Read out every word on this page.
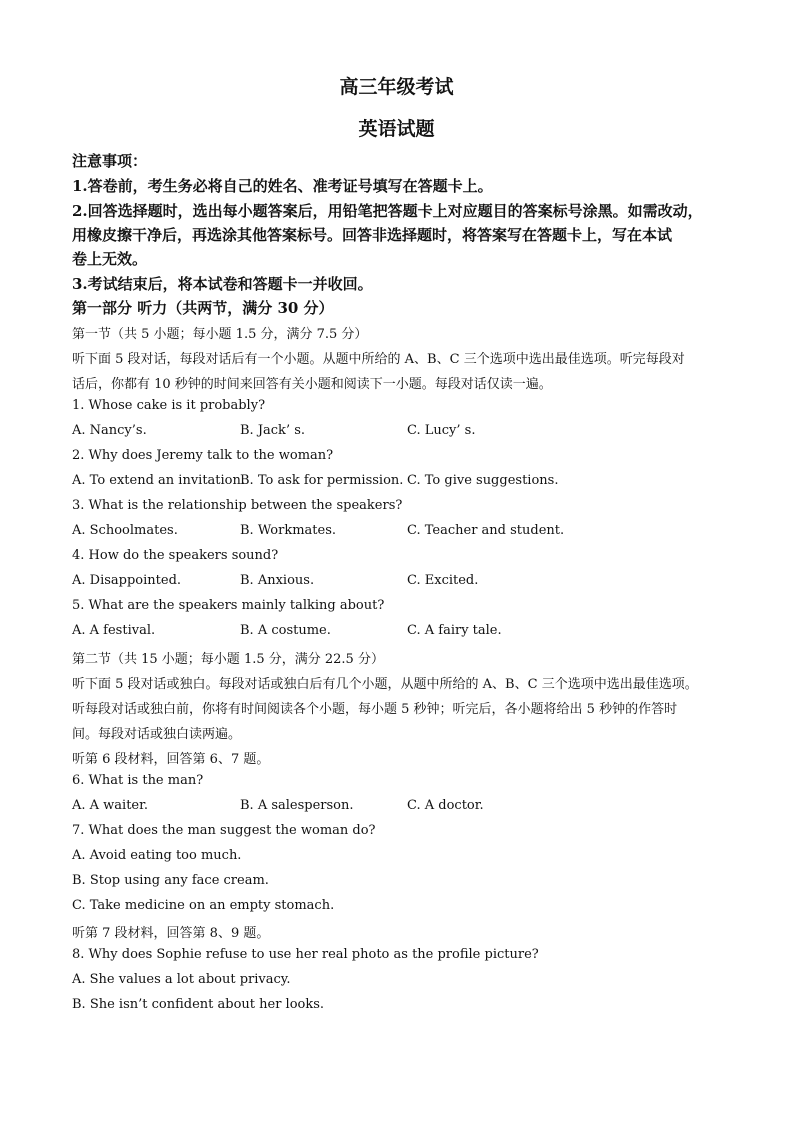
高三年级考试
英语试题
注意事项：
1.答卷前，考生务必将自己的姓名、准考证号填写在答题卡上。
2.回答选择题时，选出每小题答案后，用铅笔把答题卡上对应题目的答案标号涂黑。如需改动，
用橡皮擦干净后，再选涂其他答案标号。回答非选择题时，将答案写在答题卡上，写在本试
卷上无效。
3.考试结束后，将本试卷和答题卡一并收回。
第一部分 听力（共两节，满分 30 分）
第一节（共 5 小题；每小题 1.5 分，满分 7.5 分）
听下面 5 段对话，每段对话后有一个小题。从题中所给的 A、B、C 三个选项中选出最佳选项。听完每段对
话后，你都有 10 秒钟的时间来回答有关小题和阅读下一小题。每段对话仅读一遍。
1. Whose cake is it probably?
A. Nancy’s.	B. Jack’ s.	C. Lucy’ s.
2. Why does Jeremy talk to the woman?
A. To extend an invitation.
B. To ask for permission. C. To give suggestions.
3. What is the relationship between the speakers?
A. Schoolmates.	B. Workmates.	C. Teacher and student.
4. How do the speakers sound?
A. Disappointed.	B. Anxious.	C. Excited.
5. What are the speakers mainly talking about?
A. A festival.	B. A costume.	C. A fairy tale.
第二节（共 15 小题；每小题 1.5 分，满分 22.5 分）
听下面 5 段对话或独白。每段对话或独白后有几个小题，从题中所给的 A、B、C 三个选项中选出最佳选项。
听每段对话或独白前，你将有时间阅读各个小题，每小题 5 秒钟；听完后，各小题将给出 5 秒钟的作答时
间。每段对话或独白读两遍。
听第 6 段材料，回答第 6、7 题。
6. What is the man?
A. A waiter.	B. A salesperson.	C. A doctor.
7. What does the man suggest the woman do?
A. Avoid eating too much.
B. Stop using any face cream.
C. Take medicine on an empty stomach.
听第 7 段材料，回答第 8、9 题。
8. Why does Sophie refuse to use her real photo as the profile picture?
A. She values a lot about privacy.
B. She isn’t confident about her looks.
